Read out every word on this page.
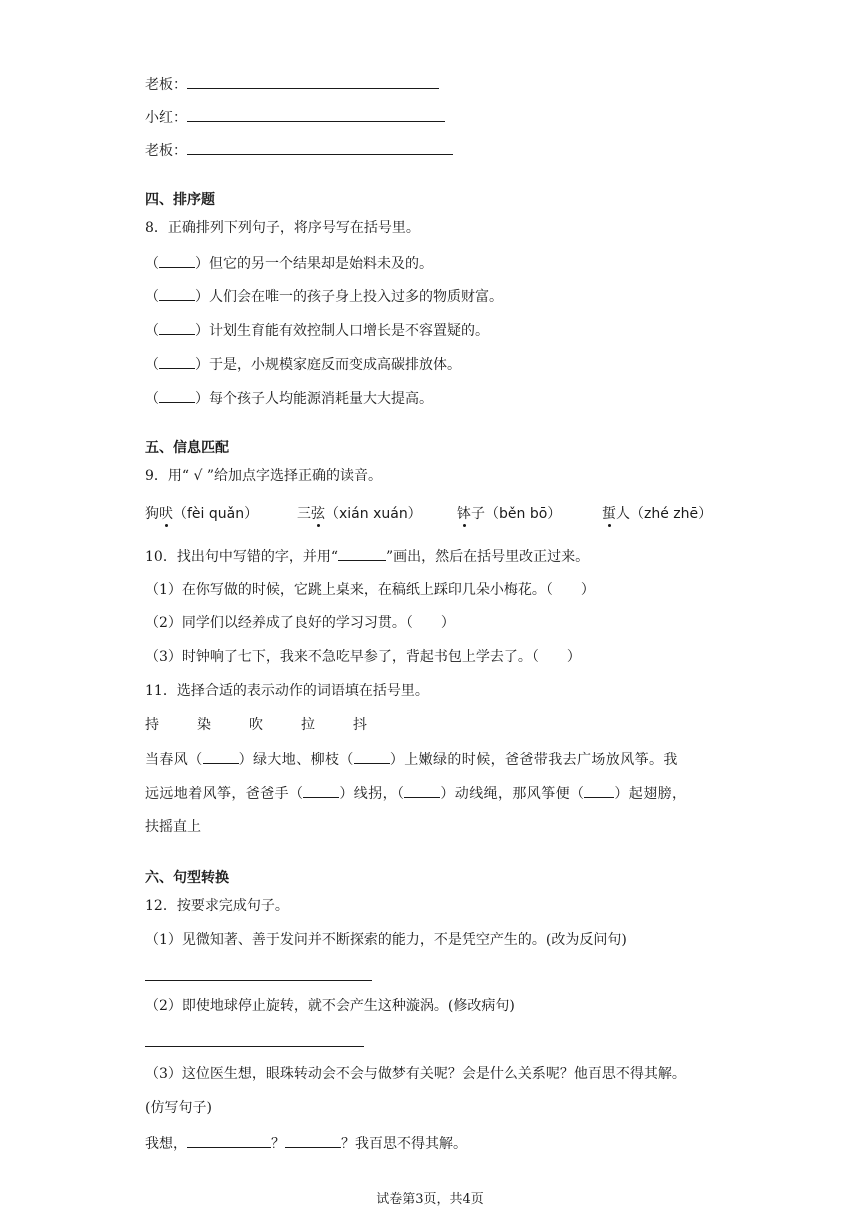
老板：
小红：
老板：
四、排序题
8．正确排列下列句子，将序号写在括号里。
（	）但它的另一个结果却是始料未及的。
（	）人们会在唯一的孩子身上投入过多的物质财富。
（	）计划生育能有效控制人口增长是不容置疑的。
（	）于是，小规模家庭反而变成高碳排放体。
（	）每个孩子人均能源消耗量大大提高。
五、信息匹配
9．用“ √ ”给加点字选择正确的读音。
狗吠（fèi quǎn）	三弦（xián xuán）	钵子（běn bō）	蜇人（zhé zhē）
10．找出句中写错的字，并用“	”画出，然后在括号里改正过来。
（1）在你写做的时候，它跳上桌来，在稿纸上踩印几朵小梅花。（　　）
（2）同学们以经养成了良好的学习习贯。（　　）
（3）时钟响了七下，我来不急吃早参了，背起书包上学去了。（　　）
11．选择合适的表示动作的词语填在括号里。
持	染	吹	拉	抖
当春风（	）绿大地、柳枝（	）上嫩绿的时候，爸爸带我去广场放风筝。我
远远地着风筝，爸爸手（	）线拐，（	）动线绳，那风筝便（ ）起翅膀，
扶摇直上
六、句型转换
12．按要求完成句子。
（1）见微知著、善于发问并不断探索的能力，不是凭空产生的。(改为反问句)
（2）即使地球停止旋转，就不会产生这种漩涡。(修改病句)
（3）这位医生想，眼珠转动会不会与做梦有关呢？会是什么关系呢？他百思不得其解。
(仿写句子)
我想，	？	？我百思不得其解。
试卷第3页，共4页
